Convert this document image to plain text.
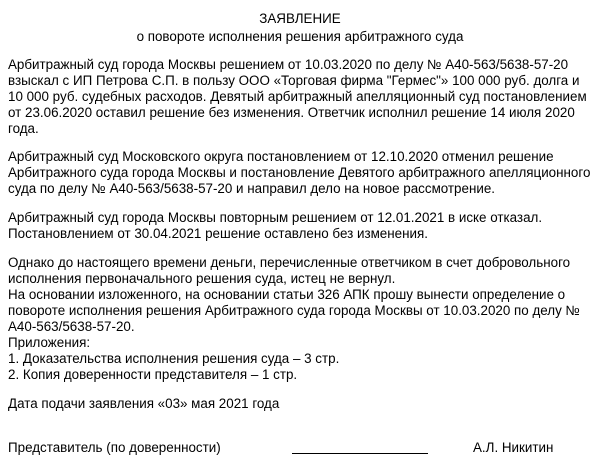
ЗАЯВЛЕНИЕ
о повороте исполнения решения арбитражного суда
Арбитражный суд города Москвы решением от 10.03.2020 по делу № А40-563/5638-57-20
взыскал с ИП Петрова С.П. в пользу ООО «Торговая фирма "Гермес"» 100 000 руб. долга и
10 000 руб. судебных расходов. Девятый арбитражный апелляционный суд постановлением
от 23.06.2020 оставил решение без изменения. Ответчик исполнил решение 14 июля 2020
года.
Арбитражный суд Московского округа постановлением от 12.10.2020 отменил решение
Арбитражного суда города Москвы и постановление Девятого арбитражного апелляционного
суда по делу № А40-563/5638-57-20 и направил дело на новое рассмотрение.
Арбитражный суд города Москвы повторным решением от 12.01.2021 в иске отказал.
Постановлением от 30.04.2021 решение оставлено без изменения.
Однако до настоящего времени деньги, перечисленные ответчиком в счет добровольного
исполнения первоначального решения суда, истец не вернул.
На основании изложенного, на основании статьи 326 АПК прошу вынести определение о
повороте исполнения решения Арбитражного суда города Москвы от 10.03.2020 по делу №
А40-563/5638-57-20.
Приложения:
1. Доказательства исполнения решения суда – 3 стр.
2. Копия доверенности представителя – 1 стр.
Дата подачи заявления «03» мая 2021 года
Представитель (по доверенности)	А.Л. Никитин
